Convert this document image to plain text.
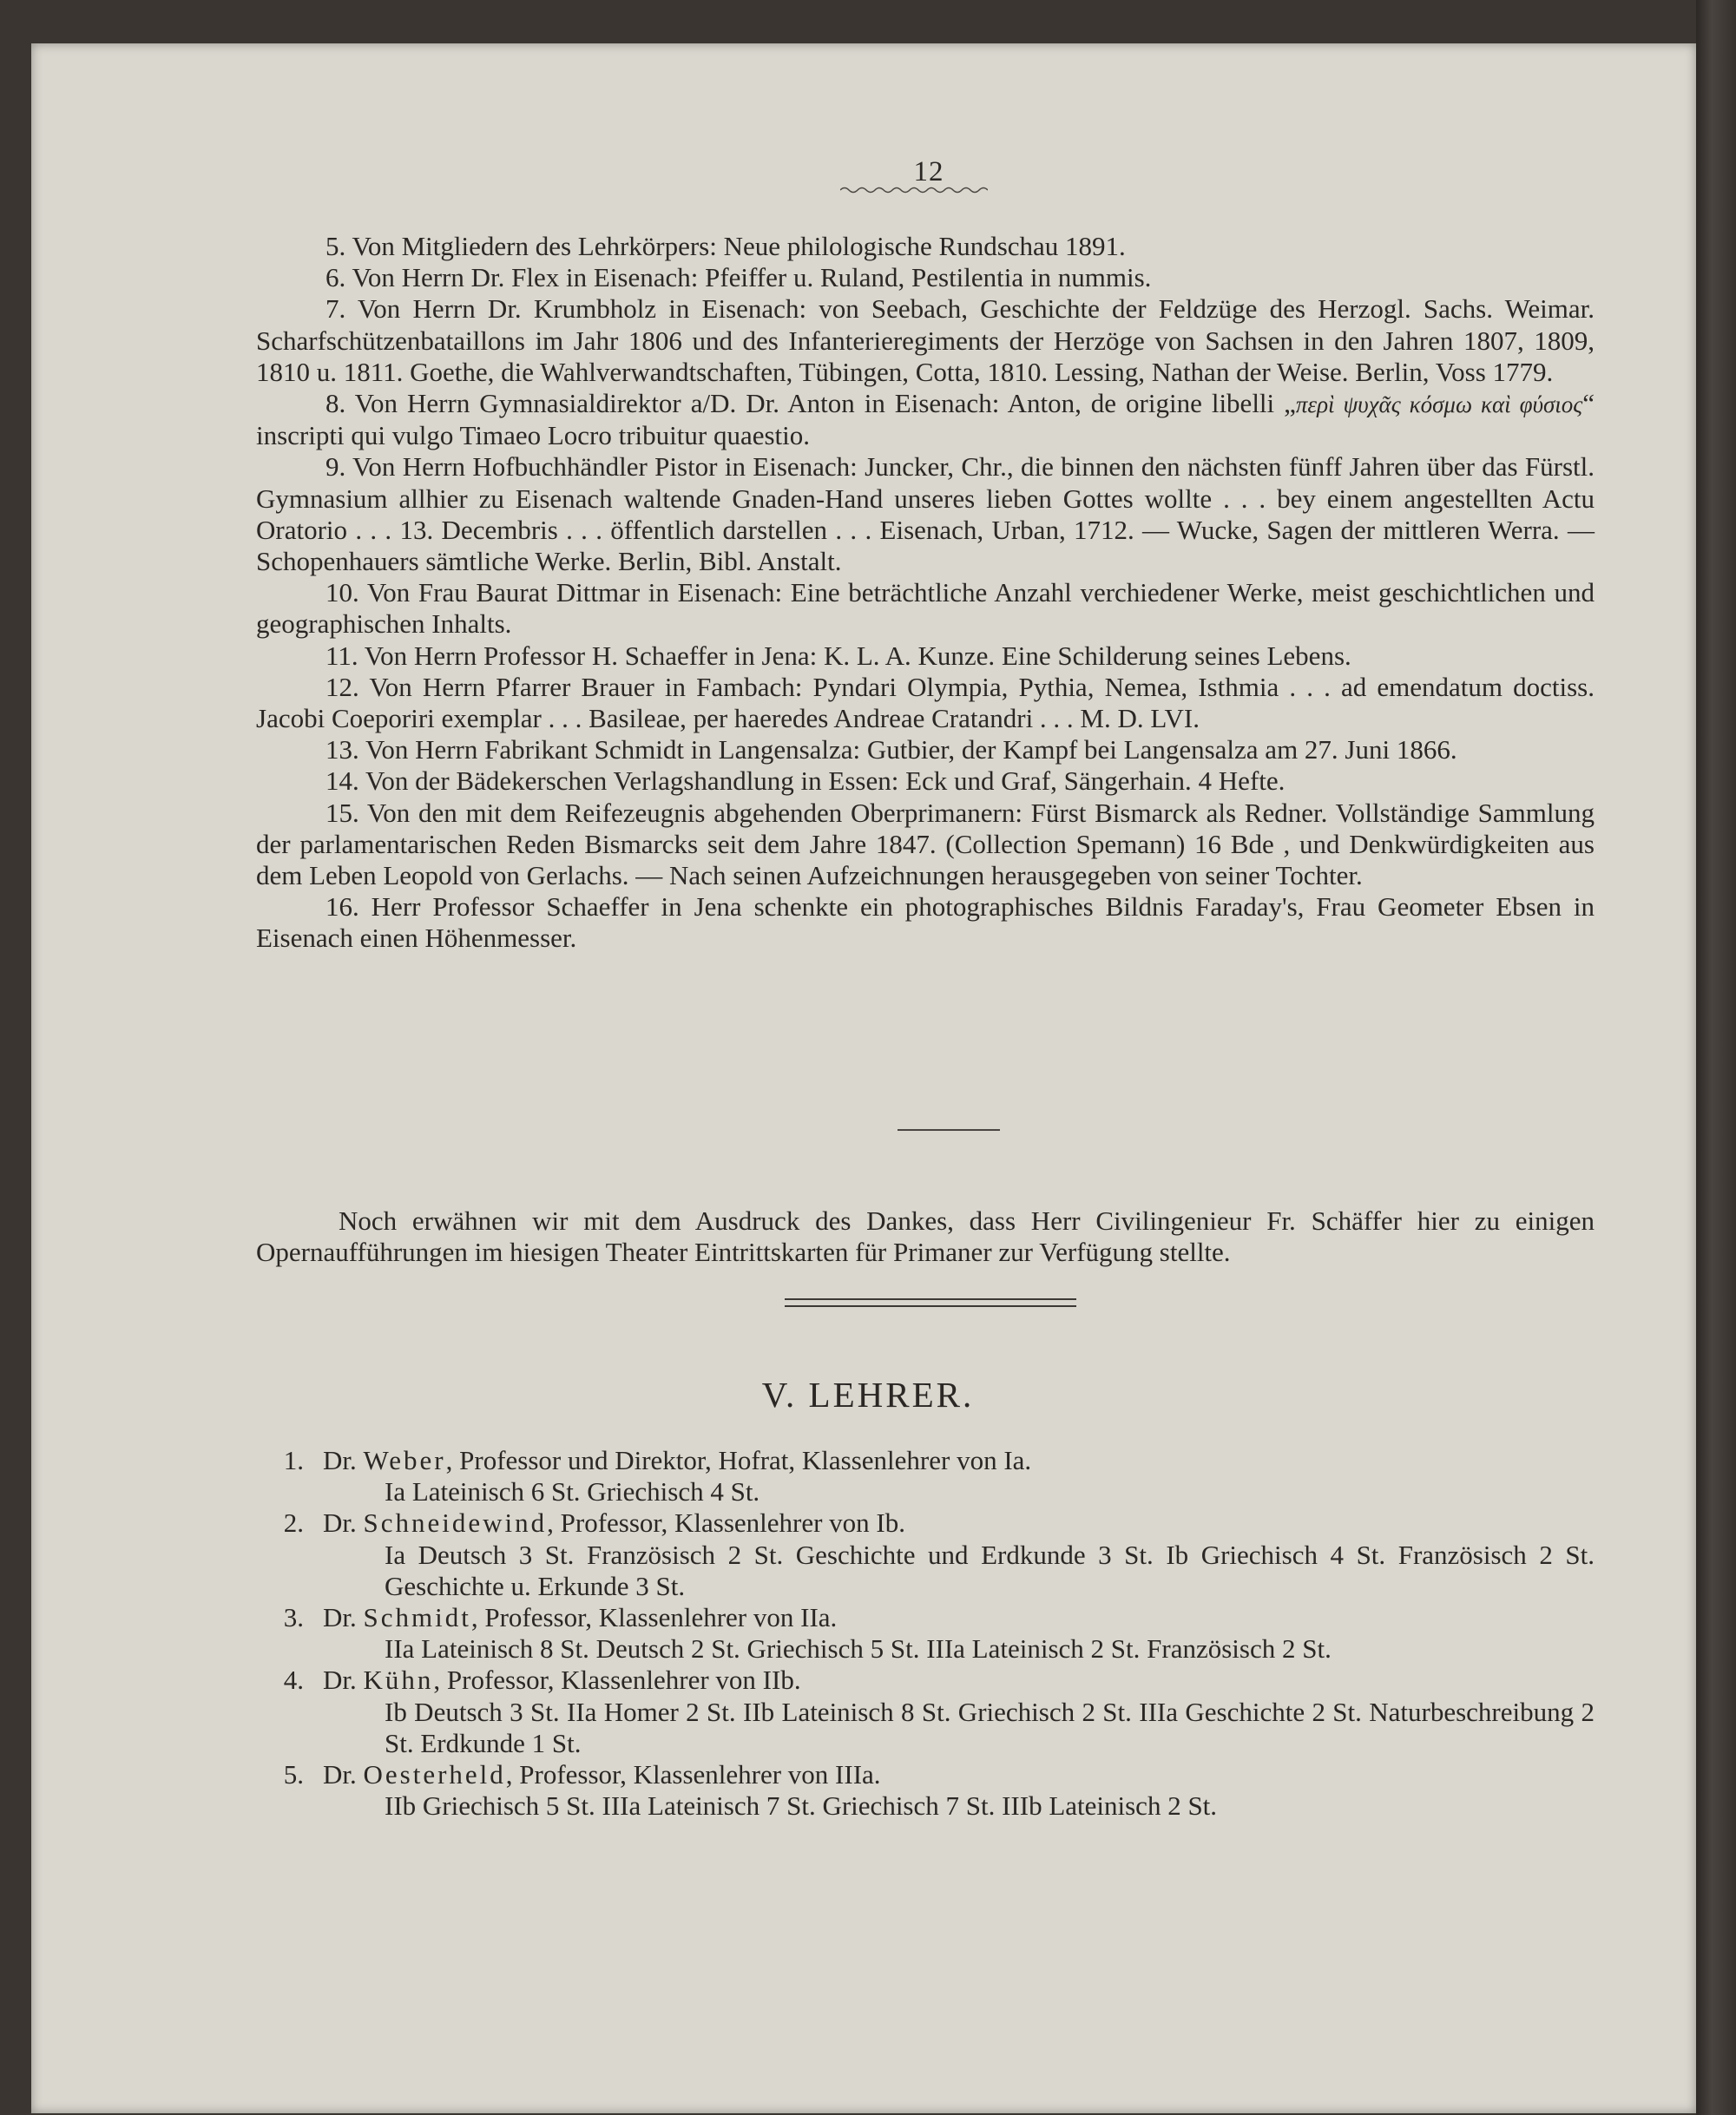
12

5. Von Mitgliedern des Lehrkörpers: Neue philologische Rundschau 1891.

6. Von Herrn Dr. Flex in Eisenach: Pfeiffer u. Ruland, Pestilentia in nummis.

7. Von Herrn Dr. Krumbholz in Eisenach: von Seebach, Geschichte der Feldzüge des Herzogl. Sachs. Weimar. Scharfschützenbataillons im Jahr 1806 und des Infanterieregiments der Herzöge von Sachsen in den Jahren 1807, 1809, 1810 u. 1811. Goethe, die Wahlverwandtschaften, Tübingen, Cotta, 1810. Lessing, Nathan der Weise. Berlin, Voss 1779.

8. Von Herrn Gymnasialdirektor a/D. Dr. Anton in Eisenach: Anton, de origine libelli „περὶ ψυχᾶς κόσμω καὶ φύσιος“ inscripti qui vulgo Timaeo Locro tribuitur quaestio.

9. Von Herrn Hofbuchhändler Pistor in Eisenach: Juncker, Chr., die binnen den nächsten fünff Jahren über das Fürstl. Gymnasium allhier zu Eisenach waltende Gnaden-Hand unseres lieben Gottes wollte . . . bey einem angestellten Actu Oratorio . . . 13. Decembris . . . öffentlich darstellen . . . Eisenach, Urban, 1712. — Wucke, Sagen der mittleren Werra. — Schopenhauers sämtliche Werke. Berlin, Bibl. Anstalt.

10. Von Frau Baurat Dittmar in Eisenach: Eine beträchtliche Anzahl verchiedener Werke, meist geschichtlichen und geographischen Inhalts.

11. Von Herrn Professor H. Schaeffer in Jena: K. L. A. Kunze. Eine Schilderung seines Lebens.

12. Von Herrn Pfarrer Brauer in Fambach: Pyndari Olympia, Pythia, Nemea, Isthmia . . . ad emendatum doctiss. Jacobi Coeporiri exemplar . . . Basileae, per haeredes Andreae Cratandri . . . M. D. LVI.

13. Von Herrn Fabrikant Schmidt in Langensalza: Gutbier, der Kampf bei Langensalza am 27. Juni 1866.

14. Von der Bädekerschen Verlagshandlung in Essen: Eck und Graf, Sängerhain. 4 Hefte.

15. Von den mit dem Reifezeugnis abgehenden Oberprimanern: Fürst Bismarck als Redner. Vollständige Sammlung der parlamentarischen Reden Bismarcks seit dem Jahre 1847. (Collection Spemann) 16 Bde , und Denkwürdigkeiten aus dem Leben Leopold von Gerlachs. — Nach seinen Aufzeichnungen herausgegeben von seiner Tochter.

16. Herr Professor Schaeffer in Jena schenkte ein photographisches Bildnis Faraday's, Frau Geometer Ebsen in Eisenach einen Höhenmesser.

Noch erwähnen wir mit dem Ausdruck des Dankes, dass Herr Civilingenieur Fr. Schäffer hier zu einigen Opernaufführungen im hiesigen Theater Eintrittskarten für Primaner zur Verfügung stellte.

V. LEHRER.
1. Dr. Weber, Professor und Direktor, Hofrat, Klassenlehrer von Ia.
Ia Lateinisch 6 St. Griechisch 4 St.
2. Dr. Schneidewind, Professor, Klassenlehrer von Ib.
Ia Deutsch 3 St. Französisch 2 St. Geschichte und Erdkunde 3 St. Ib Griechisch 4 St. Französisch 2 St. Geschichte u. Erkunde 3 St.
3. Dr. Schmidt, Professor, Klassenlehrer von IIa.
IIa Lateinisch 8 St. Deutsch 2 St. Griechisch 5 St. IIIa Lateinisch 2 St. Französisch 2 St.
4. Dr. Kühn, Professor, Klassenlehrer von IIb.
Ib Deutsch 3 St. IIa Homer 2 St. IIb Lateinisch 8 St. Griechisch 2 St. IIIa Geschichte 2 St. Naturbeschreibung 2 St. Erdkunde 1 St.
5. Dr. Oesterheld, Professor, Klassenlehrer von IIIa.
IIb Griechisch 5 St. IIIa Lateinisch 7 St. Griechisch 7 St. IIIb Lateinisch 2 St.
